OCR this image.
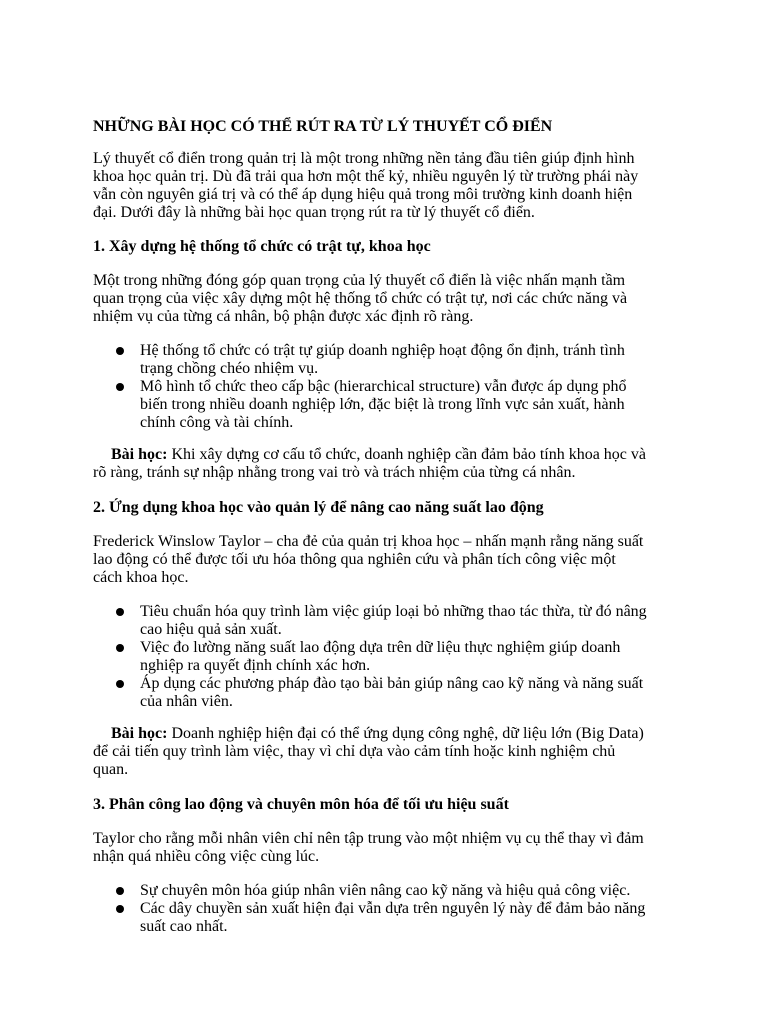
NHỮNG BÀI HỌC CÓ THỂ RÚT RA TỪ LÝ THUYẾT CỔ ĐIỂN
Lý thuyết cổ điển trong quản trị là một trong những nền tảng đầu tiên giúp định hình
khoa học quản trị. Dù đã trải qua hơn một thế kỷ, nhiều nguyên lý từ trường phái này
vẫn còn nguyên giá trị và có thể áp dụng hiệu quả trong môi trường kinh doanh hiện
đại. Dưới đây là những bài học quan trọng rút ra từ lý thuyết cổ điển.
1. Xây dựng hệ thống tổ chức có trật tự, khoa học
Một trong những đóng góp quan trọng của lý thuyết cổ điển là việc nhấn mạnh tầm
quan trọng của việc xây dựng một hệ thống tổ chức có trật tự, nơi các chức năng và
nhiệm vụ của từng cá nhân, bộ phận được xác định rõ ràng.
Hệ thống tổ chức có trật tự giúp doanh nghiệp hoạt động ổn định, tránh tình
trạng chồng chéo nhiệm vụ.
Mô hình tổ chức theo cấp bậc (hierarchical structure) vẫn được áp dụng phổ
biến trong nhiều doanh nghiệp lớn, đặc biệt là trong lĩnh vực sản xuất, hành
chính công và tài chính.
Bài học: Khi xây dựng cơ cấu tổ chức, doanh nghiệp cần đảm bảo tính khoa học và
rõ ràng, tránh sự nhập nhằng trong vai trò và trách nhiệm của từng cá nhân.
2. Ứng dụng khoa học vào quản lý để nâng cao năng suất lao động
Frederick Winslow Taylor – cha đẻ của quản trị khoa học – nhấn mạnh rằng năng suất
lao động có thể được tối ưu hóa thông qua nghiên cứu và phân tích công việc một
cách khoa học.
Tiêu chuẩn hóa quy trình làm việc giúp loại bỏ những thao tác thừa, từ đó nâng
cao hiệu quả sản xuất.
Việc đo lường năng suất lao động dựa trên dữ liệu thực nghiệm giúp doanh
nghiệp ra quyết định chính xác hơn.
Áp dụng các phương pháp đào tạo bài bản giúp nâng cao kỹ năng và năng suất
của nhân viên.
Bài học: Doanh nghiệp hiện đại có thể ứng dụng công nghệ, dữ liệu lớn (Big Data)
để cải tiến quy trình làm việc, thay vì chỉ dựa vào cảm tính hoặc kinh nghiệm chủ
quan.
3. Phân công lao động và chuyên môn hóa để tối ưu hiệu suất
Taylor cho rằng mỗi nhân viên chỉ nên tập trung vào một nhiệm vụ cụ thể thay vì đảm
nhận quá nhiều công việc cùng lúc.
Sự chuyên môn hóa giúp nhân viên nâng cao kỹ năng và hiệu quả công việc.
Các dây chuyền sản xuất hiện đại vẫn dựa trên nguyên lý này để đảm bảo năng
suất cao nhất.
